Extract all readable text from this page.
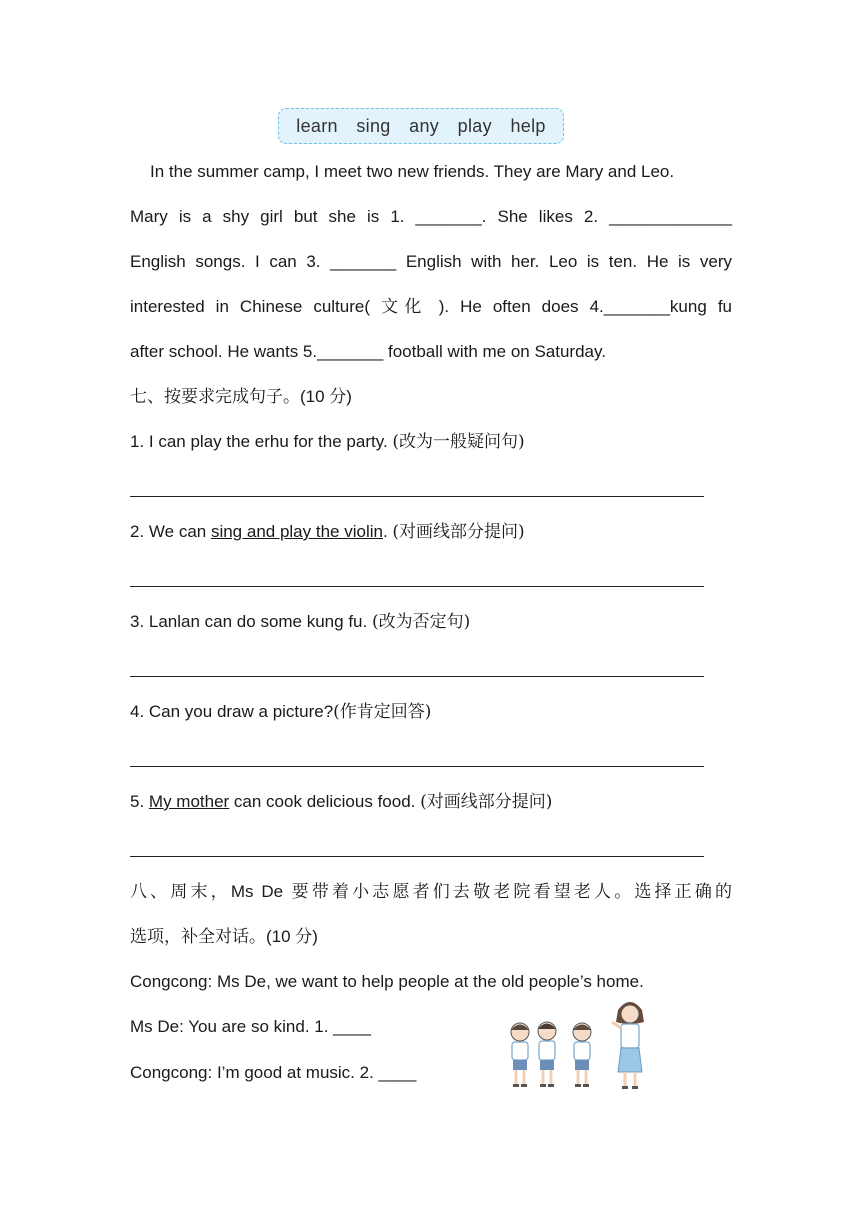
learn sing any play help
In the summer camp, I meet two new friends. They are Mary and Leo.
Mary is a shy girl but she is 1. _______. She likes 2. _____________
English songs. I can 3. _______ English with her. Leo is ten. He is very
interested in Chinese culture( 文化 ). He often does 4._______kung fu
after school. He wants 5._______ football with me on Saturday.
七、按要求完成句子。(10 分)
1. I can play the erhu for the party. (改为一般疑问句)
2. We can sing and play the violin. (对画线部分提问)
3. Lanlan can do some kung fu. (改为否定句)
4. Can you draw a picture?(作肯定回答)
5. My mother can cook delicious food. (对画线部分提问)
八、周末，Ms De 要带着小志愿者们去敬老院看望老人。选择正确的
选项，补全对话。(10 分)
Congcong: Ms De, we want to help people at the old people’s home.
Ms De: You are so kind. 1. ____
Congcong: I’m good at music. 2. ____
